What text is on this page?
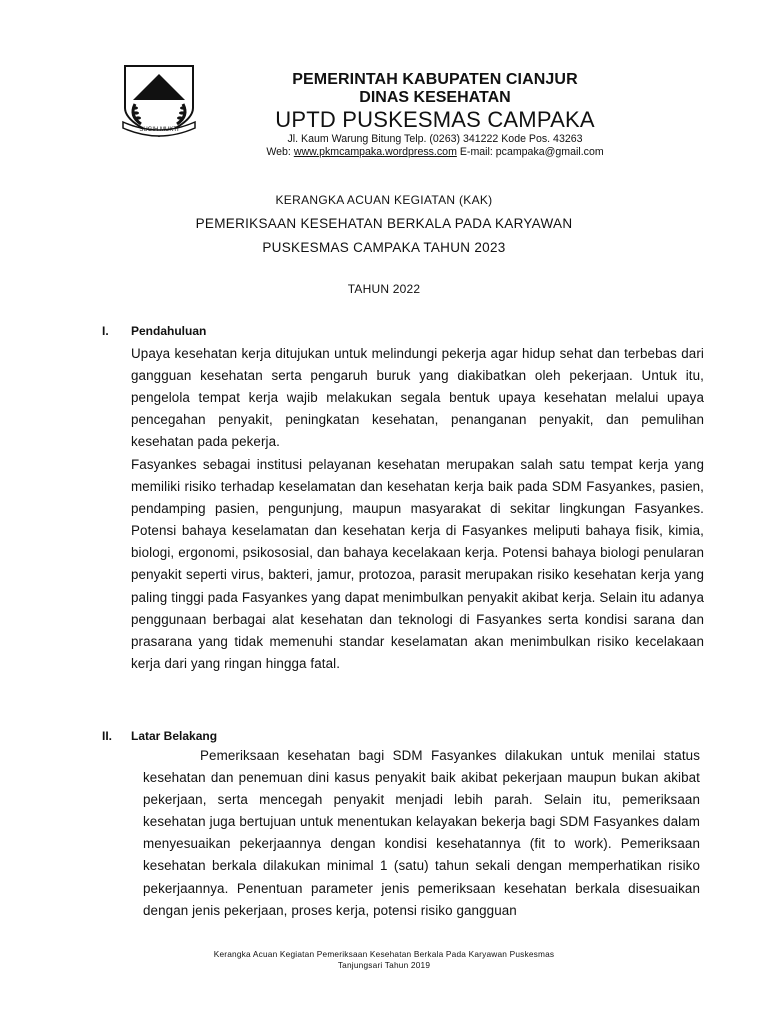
SUGIH MUKTI
PEMERINTAH KABUPATEN CIANJUR
DINAS KESEHATAN
UPTD PUSKESMAS CAMPAKA
Jl. Kaum Warung Bitung Telp. (0263) 341222 Kode Pos. 43263
Web: www.pkmcampaka.wordpress.com E-mail: pcampaka@gmail.com
KERANGKA ACUAN KEGIATAN (KAK)
PEMERIKSAAN KESEHATAN BERKALA PADA KARYAWAN
PUSKESMAS CAMPAKA TAHUN 2023
TAHUN 2022
I. Pendahuluan
Upaya kesehatan kerja ditujukan untuk melindungi pekerja agar hidup sehat dan terbebas dari gangguan kesehatan serta pengaruh buruk yang diakibatkan oleh pekerjaan. Untuk itu, pengelola tempat kerja wajib melakukan segala bentuk upaya kesehatan melalui upaya pencegahan penyakit, peningkatan kesehatan, penanganan penyakit, dan pemulihan kesehatan pada pekerja.
Fasyankes sebagai institusi pelayanan kesehatan merupakan salah satu tempat kerja yang memiliki risiko terhadap keselamatan dan kesehatan kerja baik pada SDM Fasyankes, pasien, pendamping pasien, pengunjung, maupun masyarakat di sekitar lingkungan Fasyankes. Potensi bahaya keselamatan dan kesehatan kerja di Fasyankes meliputi bahaya fisik, kimia, biologi, ergonomi, psikososial, dan bahaya kecelakaan kerja. Potensi bahaya biologi penularan penyakit seperti virus, bakteri, jamur, protozoa, parasit merupakan risiko kesehatan kerja yang paling tinggi pada Fasyankes yang dapat menimbulkan penyakit akibat kerja. Selain itu adanya penggunaan berbagai alat kesehatan dan teknologi di Fasyankes serta kondisi sarana dan prasarana yang tidak memenuhi standar keselamatan akan menimbulkan risiko kecelakaan kerja dari yang ringan hingga fatal.
II. Latar Belakang
Pemeriksaan kesehatan bagi SDM Fasyankes dilakukan untuk menilai status kesehatan dan penemuan dini kasus penyakit baik akibat pekerjaan maupun bukan akibat pekerjaan, serta mencegah penyakit menjadi lebih parah. Selain itu, pemeriksaan kesehatan juga bertujuan untuk menentukan kelayakan bekerja bagi SDM Fasyankes dalam menyesuaikan pekerjaannya dengan kondisi kesehatannya (fit to work). Pemeriksaan kesehatan berkala dilakukan minimal 1 (satu) tahun sekali dengan memperhatikan risiko pekerjaannya. Penentuan parameter jenis pemeriksaan kesehatan berkala disesuaikan dengan jenis pekerjaan, proses kerja, potensi risiko gangguan
Kerangka Acuan Kegiatan Pemeriksaan Kesehatan Berkala Pada Karyawan Puskesmas
Tanjungsari Tahun 2019
